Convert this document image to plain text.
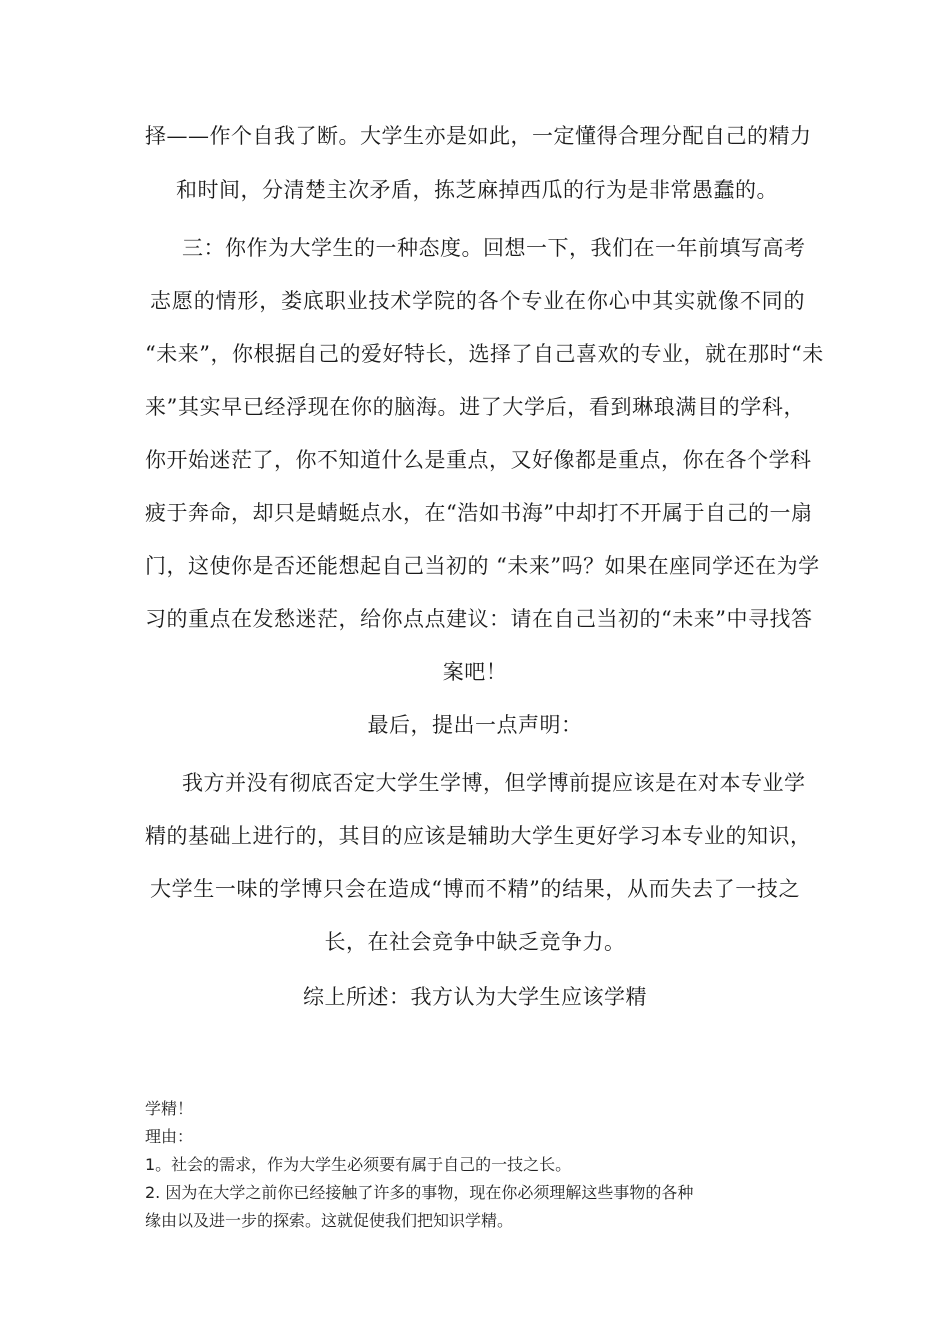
择——作个自我了断。大学生亦是如此，一定懂得合理分配自己的精力
和时间，分清楚主次矛盾，拣芝麻掉西瓜的行为是非常愚蠢的。
三：你作为大学生的一种态度。回想一下，我们在一年前填写高考
志愿的情形，娄底职业技术学院的各个专业在你心中其实就像不同的
“未来”，你根据自己的爱好特长，选择了自己喜欢的专业，就在那时“未
来”其实早已经浮现在你的脑海。进了大学后，看到琳琅满目的学科，
你开始迷茫了，你不知道什么是重点，又好像都是重点，你在各个学科
疲于奔命，却只是蜻蜓点水，在“浩如书海”中却打不开属于自己的一扇
门，这使你是否还能想起自己当初的 “未来”吗？如果在座同学还在为学
习的重点在发愁迷茫，给你点点建议：请在自己当初的“未来”中寻找答
案吧！
最后，提出一点声明：
我方并没有彻底否定大学生学博，但学博前提应该是在对本专业学
精的基础上进行的，其目的应该是辅助大学生更好学习本专业的知识，
大学生一味的学博只会在造成“博而不精”的结果，从而失去了一技之
长，在社会竞争中缺乏竞争力。
综上所述：我方认为大学生应该学精
学精！
理由：
1。社会的需求，作为大学生必须要有属于自己的一技之长。
2. 因为在大学之前你已经接触了许多的事物，现在你必须理解这些事物的各种
缘由以及进一步的探索。这就促使我们把知识学精。
